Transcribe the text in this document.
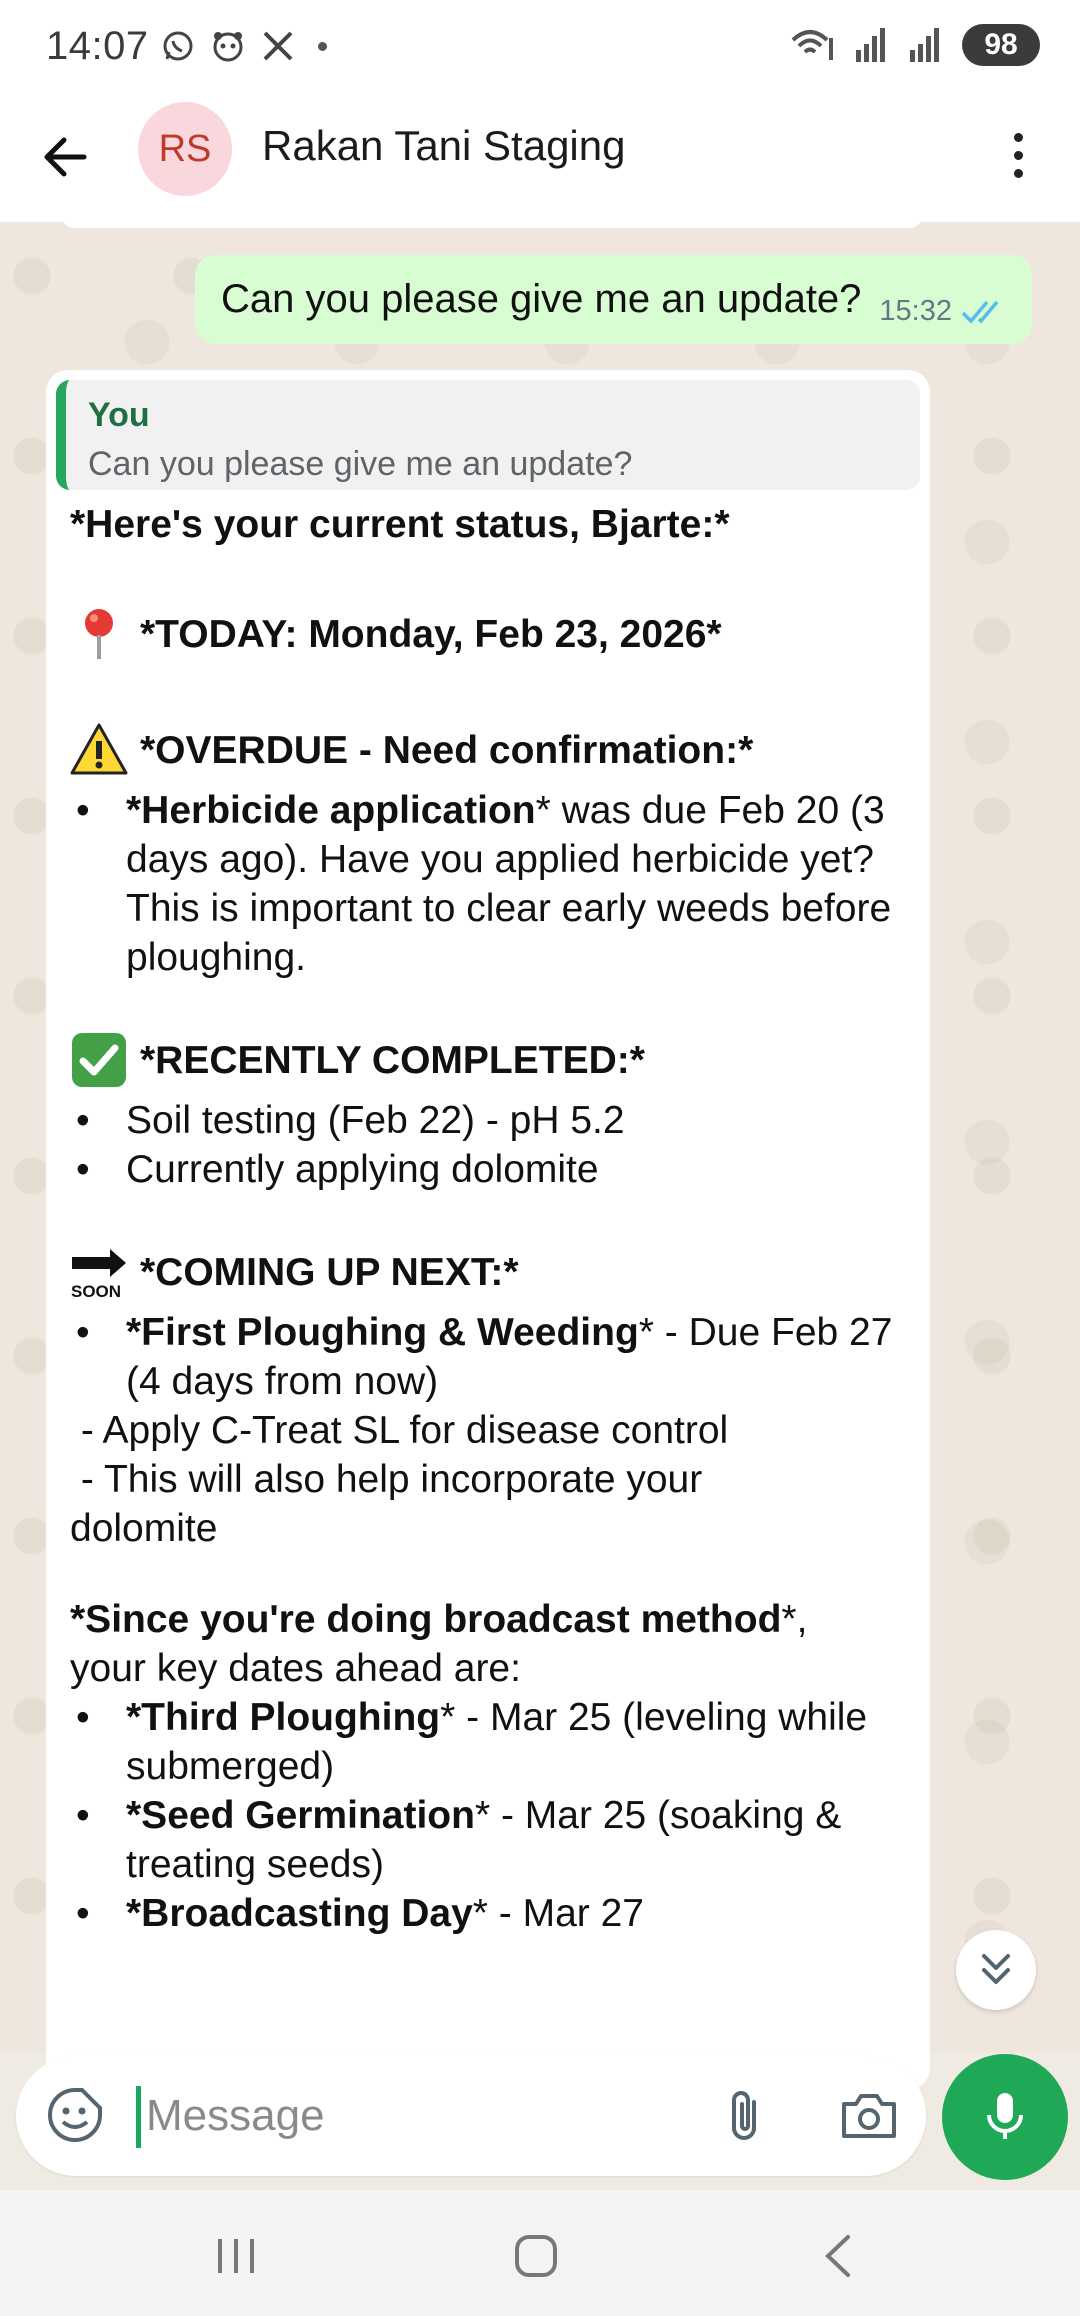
14:07	98
RS	Rakan Tani Staging
Can you please give me an update? 15:32
You
Can you please give me an update?
*Here's your current status, Bjarte:*
*TODAY: Monday, Feb 23, 2026*
*OVERDUE - Need confirmation:*
• *Herbicide application* was due Feb 20 (3 days ago). Have you applied herbicide yet? This is important to clear early weeds before ploughing.
*RECENTLY COMPLETED:*
• Soil testing (Feb 22) - pH 5.2
• Currently applying dolomite
SOON *COMING UP NEXT:*
• *First Ploughing & Weeding* - Due Feb 27 (4 days from now)
- Apply C-Treat SL for disease control
- This will also help incorporate your
dolomite
*Since you're doing broadcast method*,
your key dates ahead are:
• *Third Ploughing* - Mar 25 (leveling while submerged)
• *Seed Germination* - Mar 25 (soaking & treating seeds)
• *Broadcasting Day* - Mar 27
Message
